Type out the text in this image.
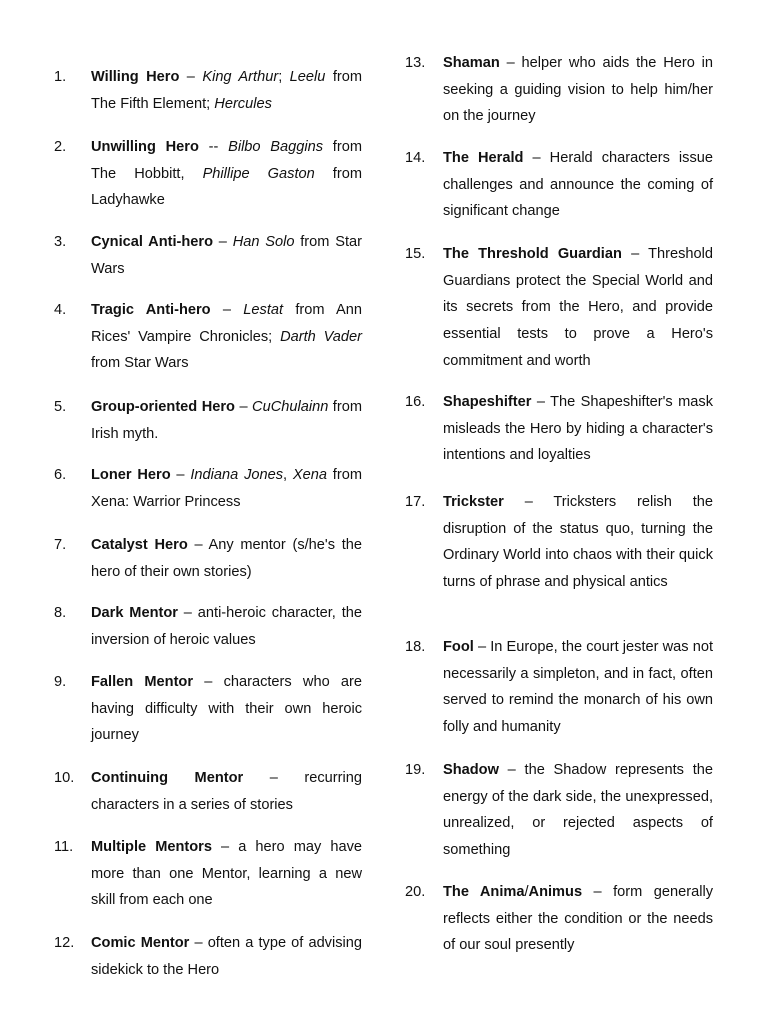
1.	Willing Hero – King Arthur; Leelu from The Fifth Element; Hercules
2.	Unwilling Hero -- Bilbo Baggins from The Hobbitt, Phillipe Gaston from Ladyhawke
3.	Cynical Anti-hero – Han Solo from Star Wars
4.	Tragic Anti-hero – Lestat from Ann Rices' Vampire Chronicles; Darth Vader from Star Wars
5.	Group-oriented Hero – CuChulainn from Irish myth.
6.	Loner Hero – Indiana Jones, Xena from Xena: Warrior Princess
7.	Catalyst Hero – Any mentor (s/he's the hero of their own stories)
8.	Dark Mentor – anti-heroic character, the inversion of heroic values
9.	Fallen Mentor – characters who are having difficulty with their own heroic journey
10.	Continuing Mentor – recurring characters in a series of stories
11.	Multiple Mentors – a hero may have more than one Mentor, learning a new skill from each one
12.	Comic Mentor – often a type of advising sidekick to the Hero
13.	Shaman – helper who aids the Hero in seeking a guiding vision to help him/her on the journey
14.	The Herald – Herald characters issue challenges and announce the coming of significant change
15.	The Threshold Guardian – Threshold Guardians protect the Special World and its secrets from the Hero, and provide essential tests to prove a Hero's commitment and worth
16.	Shapeshifter – The Shapeshifter's mask misleads the Hero by hiding a character's intentions and loyalties
17.	Trickster – Tricksters relish the disruption of the status quo, turning the Ordinary World into chaos with their quick turns of phrase and physical antics
18.	Fool – In Europe, the court jester was not necessarily a simpleton, and in fact, often served to remind the monarch of his own folly and humanity
19.	Shadow – the Shadow represents the energy of the dark side, the unexpressed, unrealized, or rejected aspects of something
20.	The Anima/Animus – form generally reflects either the condition or the needs of our soul presently
